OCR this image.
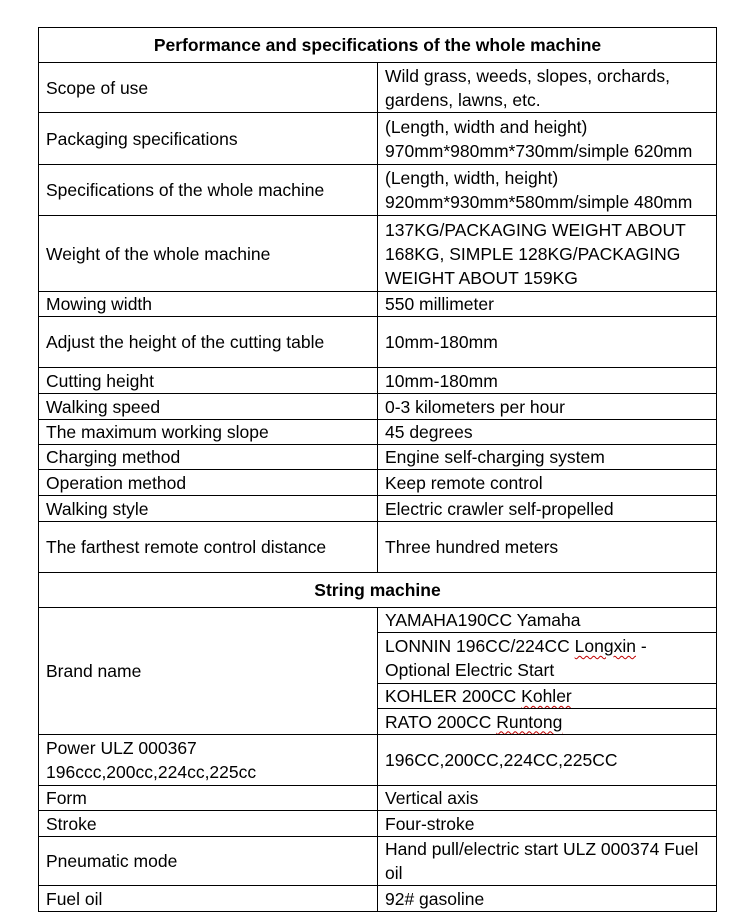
Performance and specifications of the whole machine	
Scope of use	Wild grass, weeds, slopes, orchards, gardens, lawns, etc.
Packaging specifications	(Length, width and height) 970mm*980mm*730mm/simple 620mm
Specifications of the whole machine	(Length, width, height) 920mm*930mm*580mm/simple 480mm
Weight of the whole machine	137KG/PACKAGING WEIGHT ABOUT 168KG, SIMPLE 128KG/PACKAGING WEIGHT ABOUT 159KG
Mowing width	550 millimeter
Adjust the height of the cutting table	10mm-180mm
Cutting height	10mm-180mm
Walking speed	0-3 kilometers per hour
The maximum working slope	45 degrees
Charging method	Engine self-charging system
Operation method	Keep remote control
Walking style	Electric crawler self-propelled
The farthest remote control distance	Three hundred meters
String machine	
Brand name	YAMAHA190CC Yamaha
	LONNIN 196CC/224CC Longxin - Optional Electric Start
	KOHLER 200CC Kohler
	RATO 200CC Runtong
Power ULZ 000367 196ccc,200cc,224cc,225cc	196CC,200CC,224CC,225CC
Form	Vertical axis
Stroke	Four-stroke
Pneumatic mode	Hand pull/electric start ULZ 000374 Fuel oil
Fuel oil	92# gasoline
